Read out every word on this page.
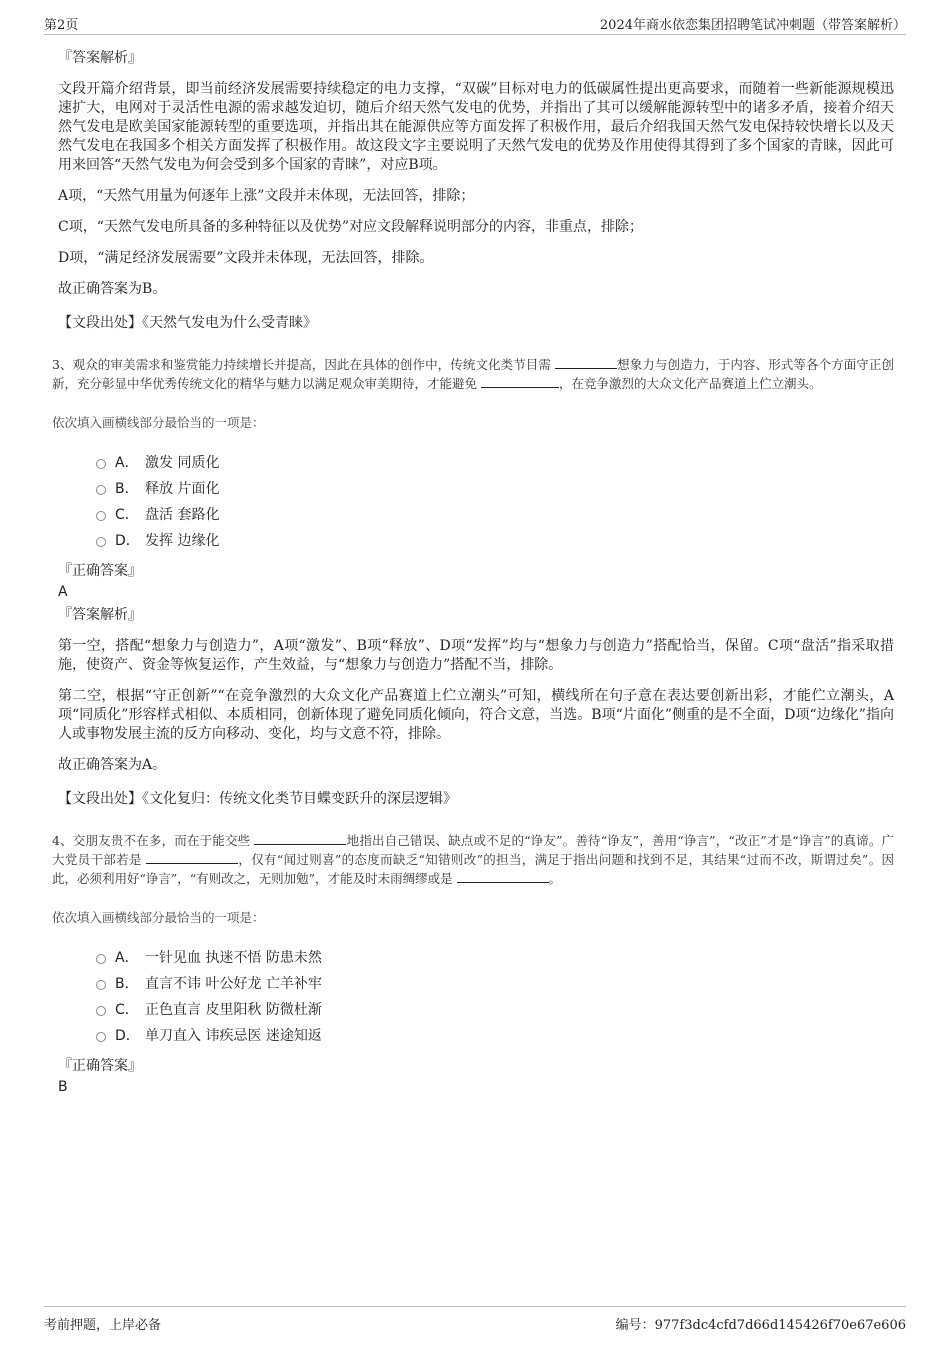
第2页	2024年商水依恋集团招聘笔试冲刺题（带答案解析）
『答案解析』
文段开篇介绍背景，即当前经济发展需要持续稳定的电力支撑，“双碳”目标对电力的低碳属性提出更高要求，而随着一些新能源规模迅速扩大，电网对于灵活性电源的需求越发迫切，随后介绍天然气发电的优势，并指出了其可以缓解能源转型中的诸多矛盾，接着介绍天然气发电是欧美国家能源转型的重要选项，并指出其在能源供应等方面发挥了积极作用，最后介绍我国天然气发电保持较快增长以及天然气发电在我国多个相关方面发挥了积极作用。故这段文字主要说明了天然气发电的优势及作用使得其得到了多个国家的青睐，因此可用来回答“天然气发电为何会受到多个国家的青睐”，对应B项。
A项，“天然气用量为何逐年上涨”文段并未体现，无法回答，排除；
C项，“天然气发电所具备的多种特征以及优势”对应文段解释说明部分的内容，非重点，排除；
D项，“满足经济发展需要”文段并未体现，无法回答，排除。
故正确答案为B。
【文段出处】《天然气发电为什么受青睐》
3、观众的审美需求和鉴赏能力持续增长并提高，因此在具体的创作中，传统文化类节目需	想象力与创造力，于内容、形式等各个方面守正创新，充分彰显中华优秀传统文化的精华与魅力以满足观众审美期待，才能避免	，在竞争激烈的大众文化产品赛道上伫立潮头。
依次填入画横线部分最恰当的一项是：
A． 激发 同质化
B． 释放 片面化
C． 盘活 套路化
D． 发挥 边缘化
『正确答案』
A
『答案解析』
第一空，搭配“想象力与创造力”，A项“激发”、B项“释放”、D项“发挥”均与“想象力与创造力”搭配恰当，保留。C项“盘活”指采取措施，使资产、资金等恢复运作，产生效益，与“想象力与创造力”搭配不当，排除。
第二空，根据“守正创新”“在竞争激烈的大众文化产品赛道上伫立潮头”可知，横线所在句子意在表达要创新出彩，才能伫立潮头，A项“同质化”形容样式相似、本质相同，创新体现了避免同质化倾向，符合文意，当选。B项“片面化”侧重的是不全面，D项“边缘化”指向人或事物发展主流的反方向移动、变化，均与文意不符，排除。
故正确答案为A。
【文段出处】《文化复归：传统文化类节目蝶变跃升的深层逻辑》
4、交朋友贵不在多，而在于能交些	地指出自己错误、缺点或不足的“诤友”。善待“诤友”，善用“诤言”，“改正”才是“诤言”的真谛。广大党员干部若是	，仅有“闻过则喜”的态度而缺乏“知错则改”的担当，满足于指出问题和找到不足，其结果“过而不改，斯谓过矣”。因此，必须利用好“诤言”，“有则改之，无则加勉”，才能及时未雨绸缪或是	。
依次填入画横线部分最恰当的一项是：
A． 一针见血 执迷不悟 防患未然
B． 直言不讳 叶公好龙 亡羊补牢
C． 正色直言 皮里阳秋 防微杜渐
D． 单刀直入 讳疾忌医 迷途知返
『正确答案』
B
考前押题，上岸必备	编号：977f3dc4cfd7d66d145426f70e67e606
